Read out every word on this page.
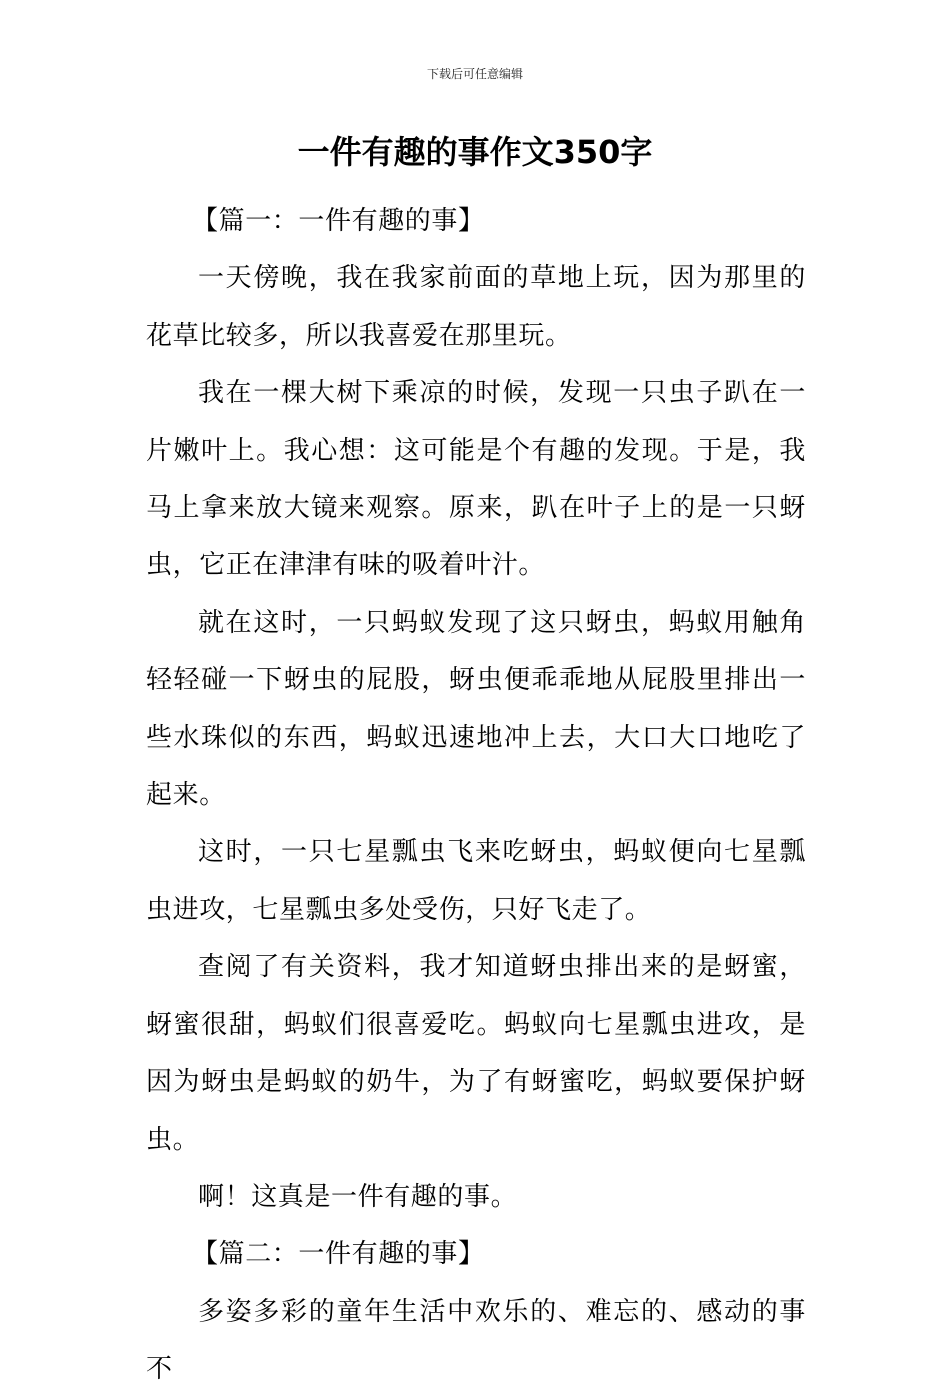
下载后可任意编辑
一件有趣的事作文350字
【篇一：一件有趣的事】

一天傍晚，我在我家前面的草地上玩，因为那里的花草比较多，所以我喜爱在那里玩。

我在一棵大树下乘凉的时候，发现一只虫子趴在一片嫩叶上。我心想：这可能是个有趣的发现。于是，我马上拿来放大镜来观察。原来，趴在叶子上的是一只蚜虫，它正在津津有味的吸着叶汁。

就在这时，一只蚂蚁发现了这只蚜虫，蚂蚁用触角轻轻碰一下蚜虫的屁股，蚜虫便乖乖地从屁股里排出一些水珠似的东西，蚂蚁迅速地冲上去，大口大口地吃了起来。

这时，一只七星瓢虫飞来吃蚜虫，蚂蚁便向七星瓢虫进攻，七星瓢虫多处受伤，只好飞走了。

查阅了有关资料，我才知道蚜虫排出来的是蚜蜜，蚜蜜很甜，蚂蚁们很喜爱吃。蚂蚁向七星瓢虫进攻，是因为蚜虫是蚂蚁的奶牛，为了有蚜蜜吃，蚂蚁要保护蚜虫。

啊！这真是一件有趣的事。

【篇二：一件有趣的事】

多姿多彩的童年生活中欢乐的、难忘的、感动的事不
